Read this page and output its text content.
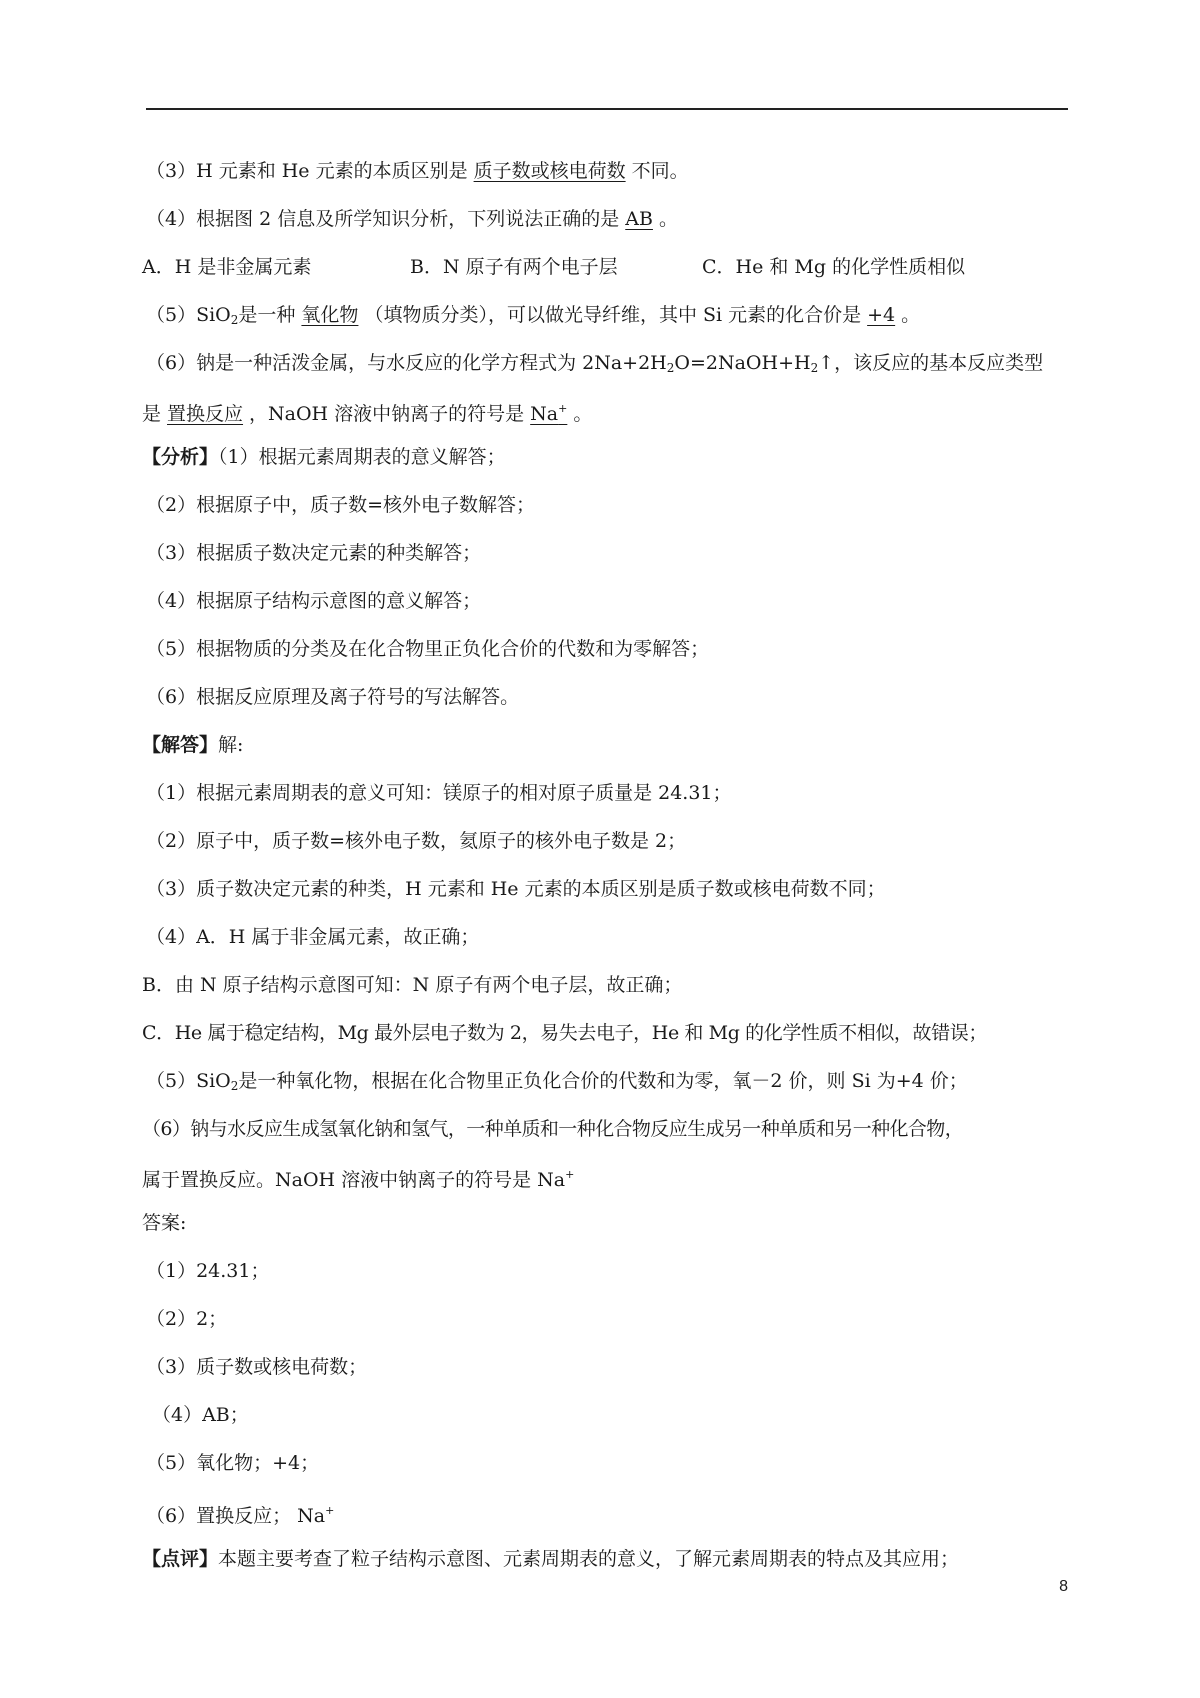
（3）H 元素和 He 元素的本质区别是 质子数或核电荷数 不同。
（4）根据图 2 信息及所学知识分析，下列说法正确的是 AB 。
A．H 是非金属元素	B．N 原子有两个电子层	C．He 和 Mg 的化学性质相似
（5）SiO$_2$是一种 氧化物 （填物质分类），可以做光导纤维，其中 Si 元素的化合价是 +4 。
（6）钠是一种活泼金属，与水反应的化学方程式为 $2Na+2H_2O=2NaOH+H_2↑$，该反应的基本反应类型
是 置换反应 ，NaOH 溶液中钠离子的符号是 Na+ 。
【分析】（1）根据元素周期表的意义解答；
（2）根据原子中，质子数=核外电子数解答；
（3）根据质子数决定元素的种类解答；
（4）根据原子结构示意图的意义解答；
（5）根据物质的分类及在化合物里正负化合价的代数和为零解答；
（6）根据反应原理及离子符号的写法解答。
【解答】解:
（1）根据元素周期表的意义可知：镁原子的相对原子质量是 24.31；
（2）原子中，质子数=核外电子数，氦原子的核外电子数是 2；
（3）质子数决定元素的种类，H 元素和 He 元素的本质区别是质子数或核电荷数不同；
（4）A．H 属于非金属元素，故正确；
B．由 N 原子结构示意图可知：N 原子有两个电子层，故正确；
C．He 属于稳定结构，Mg 最外层电子数为 2，易失去电子，He 和 Mg 的化学性质不相似，故错误；
（5）SiO$_2$是一种氧化物，根据在化合物里正负化合价的代数和为零，氧－2 价，则 Si 为+4 价；
（6）钠与水反应生成氢氧化钠和氢气，一种单质和一种化合物反应生成另一种单质和另一种化合物，
属于置换反应。NaOH 溶液中钠离子的符号是 Na+
答案:
（1）24.31；
（2）2；
（3）质子数或核电荷数；
（4）AB；
（5）氧化物；+4；
（6）置换反应； Na+
【点评】本题主要考查了粒子结构示意图、元素周期表的意义，了解元素周期表的特点及其应用；
8
